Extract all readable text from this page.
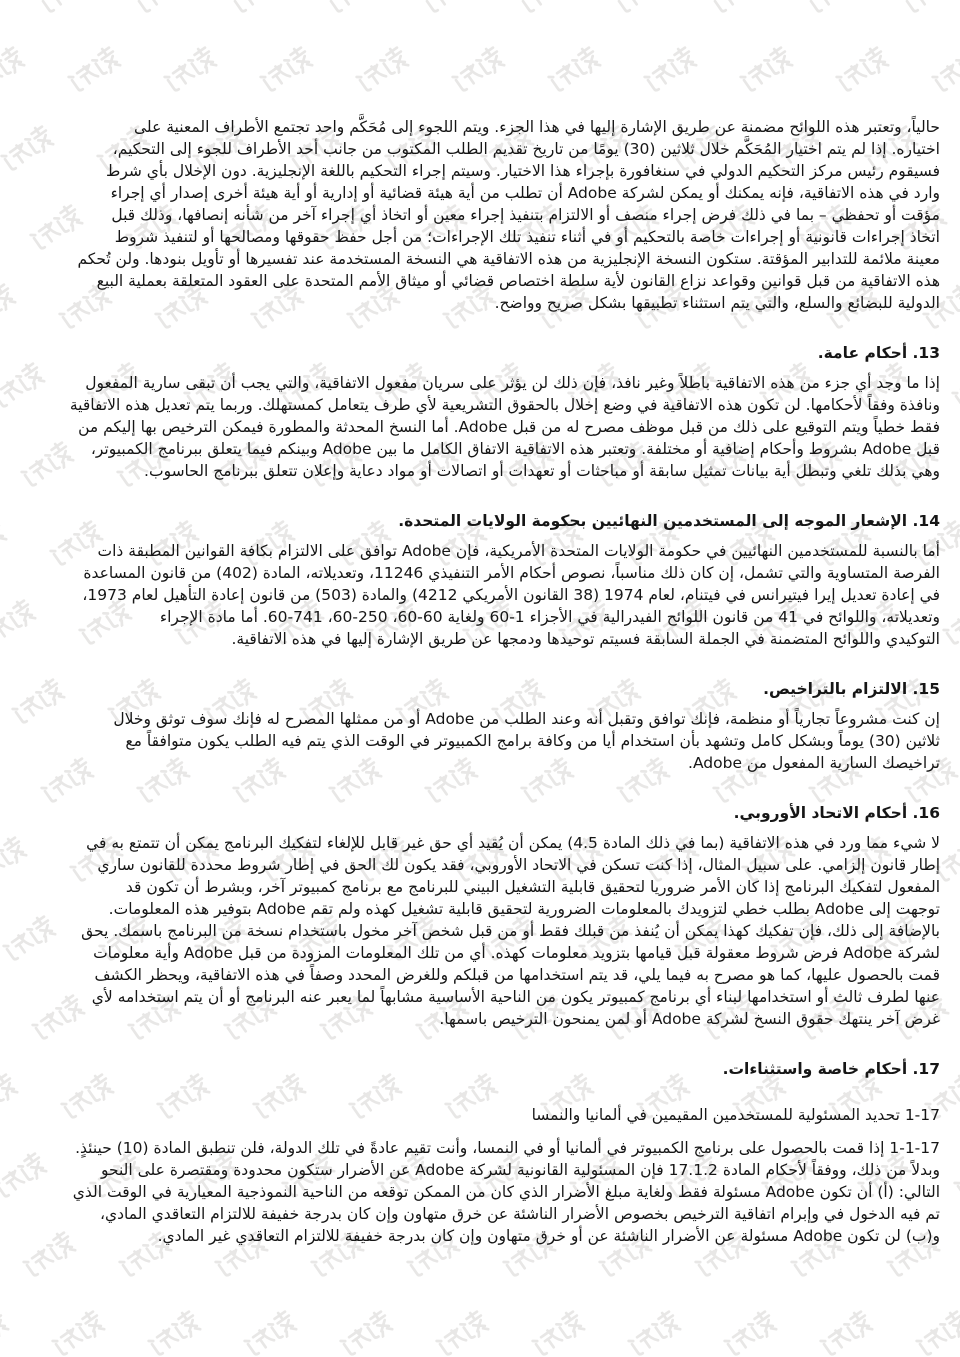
حالياً، وتعتبر هذه اللوائح مضمنة عن طريق الإشارة إليها في هذا الجزء. ويتم اللجوء إلى مُحَكَّم واحد تجتمع الأطراف المعنية على
اختياره. إذا لم يتم اختيار المُحَكَّم خلال ثلاثين (30) يومًا من تاريخ تقديم الطلب المكتوب من جانب أحد الأطراف للجوء إلى التحكيم،
فسيقوم رئيس مركز التحكيم الدولي في سنغافورة بإجراء هذا الاختيار. وسيتم إجراء التحكيم باللغة الإنجليزية. دون الإخلال بأي شرط
وارد في هذه الاتفاقية، فإنه يمكنك أو يمكن لشركة Adobe أن تطلب من أية هيئة قضائية أو إدارية أو أية هيئة أخرى إصدار أي إجراء
مؤقت أو تحفظي – بما في ذلك فرض إجراء منصف أو الالتزام بتنفيذ إجراء معين أو اتخاذ أي إجراء آخر من شأنه إنصافها، وذلك قبل
اتخاذ إجراءات قانونية أو إجراءات خاصة بالتحكيم أو في أثناء تنفيذ تلك الإجراءات؛ من أجل حفظ حقوقها ومصالحها أو لتنفيذ شروط
معينة ملائمة للتدابير المؤقتة. ستكون النسخة الإنجليزية من هذه الاتفاقية هي النسخة المستخدمة عند تفسيرها أو تأويل بنودها. ولن تُحكم
هذه الاتفاقية من قبل قوانين وقواعد نزاع القانون لأية سلطة اختصاص قضائي أو ميثاق الأمم المتحدة على العقود المتعلقة بعملية البيع
الدولية للبضائع والسلع، والتي يتم استثناء تطبيقها بشكل صريح وواضح.
13. أحكام عامة.
إذا ما وجد أي جزء من هذه الاتفاقية باطلاً وغير نافذ، فإن ذلك لن يؤثر على سريان مفعول الاتفاقية، والتي يجب أن تبقى سارية المفعول
ونافذة وفقاً لأحكامها. لن تكون هذه الاتفاقية في وضع إخلال بالحقوق التشريعية لأي طرف يتعامل كمستهلك. وربما يتم تعديل هذه الاتفاقية
فقط خطياً ويتم التوقيع على ذلك من قبل موظف مصرح له من قبل Adobe. أما النسخ المحدثة والمطورة فيمكن الترخيص بها إليكم من
قبل Adobe بشروط وأحكام إضافية أو مختلفة. وتعتبر هذه الاتفاقية الاتفاق الكامل ما بين Adobe وبينكم فيما يتعلق ببرنامج الكمبيوتر،
وهي بذلك تلغي وتبطل أية بيانات تمثيل سابقة أو مباحثات أو تعهدات أو اتصالات أو مواد دعاية وإعلان تتعلق ببرنامج الحاسوب.
14. الإشعار الموجه إلى المستخدمين النهائيين بحكومة الولايات المتحدة.
أما بالنسبة للمستخدمين النهائيين في حكومة الولايات المتحدة الأمريكية، فإن Adobe توافق على الالتزام بكافة القوانين المطبقة ذات
الفرصة المتساوية والتي تشمل، إن كان ذلك مناسباً، نصوص أحكام الأمر التنفيذي 11246، وتعديلاته، المادة (402) من قانون المساعدة
في إعادة تعديل إيرا فيتيرانس في فيتنام، لعام 1974 (38 القانون الأمريكي 4212) والمادة (503) من قانون إعادة التأهيل لعام 1973،
وتعديلاته، واللوائح في 41 من قانون اللوائح الفيدرالية في الأجزاء 1-60 ولغاية 60-60، 250-60، 741-60. أما مادة الإجراء
التوكيدي واللوائح المتضمنة في الجملة السابقة فسيتم توحيدها ودمجها عن طريق الإشارة إليها في هذه الاتفاقية.
15. الالتزام بالتراخيص.
إن كنت مشروعاً تجارياً أو منظمة، فإنك توافق وتقبل أنه وعند الطلب من Adobe أو من ممثلها المصرح له فإنك سوف توثق وخلال
ثلاثين (30) يوماً وبشكل كامل وتشهد بأن استخدام أيا من وكافة برامج الكمبيوتر في الوقت الذي يتم فيه الطلب يكون متوافقاً مع
تراخيصك السارية المفعول من Adobe.
16. أحكام الاتحاد الأوروبي.
لا شيء مما ورد في هذه الاتفاقية (بما في ذلك المادة 4.5) يمكن أن يُقيد أي حق غير قابل للإلغاء لتفكيك البرنامج يمكن أن تتمتع به في
إطار قانون إلزامي. على سبيل المثال، إذا كنت تسكن في الاتحاد الأوروبي، فقد يكون لك الحق في إطار شروط محددة للقانون ساري
المفعول لتفكيك البرنامج إذا كان الأمر ضروريا لتحقيق قابلية التشغيل البيني للبرنامج مع برنامج كمبيوتر آخر، وبشرط أن تكون قد
توجهت إلى Adobe بطلب خطي لتزويدك بالمعلومات الضرورية لتحقيق قابلية تشغيل كهذه ولم تقم Adobe بتوفير هذه المعلومات.
بالإضافة إلى ذلك، فإن تفكيك كهذا يمكن أن يُنفذ من قبلك فقط أو من قبل شخص آخر مخول باستخدام نسخة من البرنامج باسمك. يحق
لشركة Adobe فرض شروط معقولة قبل قيامها بتزويد معلومات كهذه. أي من تلك المعلومات المزودة من قبل Adobe وأية معلومات
قمت بالحصول عليها، كما هو مصرح به فيما يلي، قد يتم استخدامها من قبلكم وللغرض المحدد وصفاً في هذه الاتفاقية، ويحظر الكشف
عنها لطرف ثالث أو استخدامها لبناء أي برنامج كمبيوتر يكون من الناحية الأساسية مشابهاً لما يعبر عنه البرنامج أو أن يتم استخدامه لأي
غرض آخر ينتهك حقوق النسخ لشركة Adobe أو لمن يمنحون الترخيص باسمها.
17. أحكام خاصة واستثناءات.
1-17 تحديد المسئولية للمستخدمين المقيمين في ألمانيا والنمسا
1-1-17 إذا قمت بالحصول على برنامج الكمبيوتر في ألمانيا أو في النمسا، وأنت تقيم عادةً في تلك الدولة، فلن تنطبق المادة (10) حينئذٍ.
وبدلاً من ذلك، ووفقاً لأحكام المادة 17.1.2 فإن المسئولية القانونية لشركة Adobe عن الأضرار ستكون محدودة ومقتصرة على النحو
التالي: (أ) أن تكون Adobe مسئولة فقط ولغاية مبلغ الأضرار الذي كان من الممكن توقعه من الناحية النموذجية المعيارية في الوقت الذي
تم فيه الدخول في وإبرام اتفاقية الترخيص بخصوص الأضرار الناشئة عن خرق متهاون وإن كان بدرجة خفيفة للالتزام التعاقدي المادي،
و(ب) لن تكون Adobe مسئولة عن الأضرار الناشئة عن أو خرق متهاون وإن كان بدرجة خفيفة للالتزام التعاقدي غير المادي.
